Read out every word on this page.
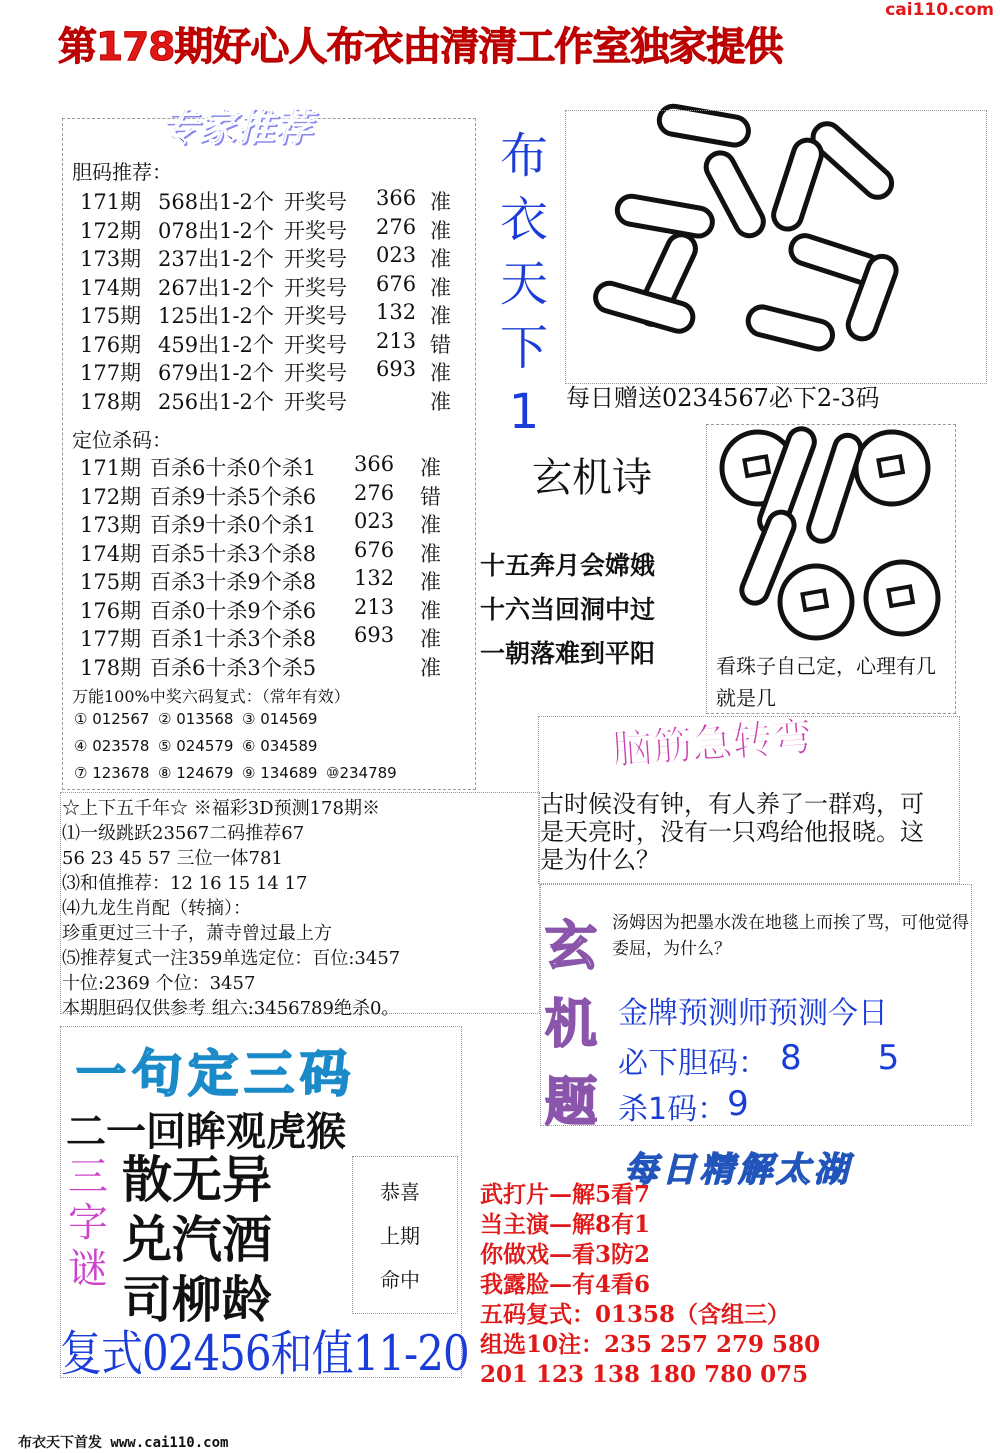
cai110.com
第178期好心人布衣由清清工作室独家提供
专家推荐
胆码推荐：
171期 568出1-2个 开奖号	366 准
172期 078出1-2个 开奖号	276 准
173期 237出1-2个 开奖号	023 准
174期 267出1-2个 开奖号	676 准
175期 125出1-2个 开奖号	132 准
176期 459出1-2个 开奖号	213 错
177期 679出1-2个 开奖号	693 准
178期 256出1-2个 开奖号	准
定位杀码：
171期 百杀6十杀0个杀1	366	准
172期 百杀9十杀5个杀6	276	错
173期 百杀9十杀0个杀1	023	准
174期 百杀5十杀3个杀8	676	准
175期 百杀3十杀9个杀8	132	准
176期 百杀0十杀9个杀6	213	准
177期 百杀1十杀3个杀8	693	准
178期 百杀6十杀3个杀5	准
万能100%中奖六码复式：（常年有效）
① 012567 ② 013568 ③ 014569
④ 023578 ⑤ 024579 ⑥ 034589
⑦ 123678 ⑧ 124679 ⑨ 134689 ⑩234789
布
衣
天
下
1	每日赠送0234567必下2-3码
玄机诗
十五奔月会嫦娥
十六当回洞中过
一朝落难到平阳	看珠子自己定，心理有几就是几
脑筋急转弯
古时候没有钟，有人养了一群鸡，可是天亮时，没有一只鸡给他报晓。这是为什么？
☆上下五千年☆ ※福彩3D预测178期※
⑴一级跳跃23567二码推荐67
56 23 45 57 三位一体781
⑶和值推荐：12 16 15 14 17
⑷九龙生肖配（转摘）：
珍重更过三十子，萧寺曾过最上方
⑸推荐复式一注359单选定位：百位:3457
十位:2369 个位：3457
本期胆码仅供参考 组六:3456789绝杀0。
玄
机
题
汤姆因为把墨水泼在地毯上而挨了骂，可他觉得委屈，为什么？
金牌预测师预测今日
必下胆码： 8 5
杀1码： 9
一句定三码
二一回眸观虎猴
三
字
谜
散无异
兑汽酒
司柳龄
恭喜
上期
命中
复式02456和值11-20
每日精解太湖
武打片—解5看7
当主演—解8有1
你做戏—看3防2
我露脸—有4看6
五码复式：01358（含组三）
组选10注：235 257 279 580
201 123 138 180 780 075
布衣天下首发 www.cai110.com
